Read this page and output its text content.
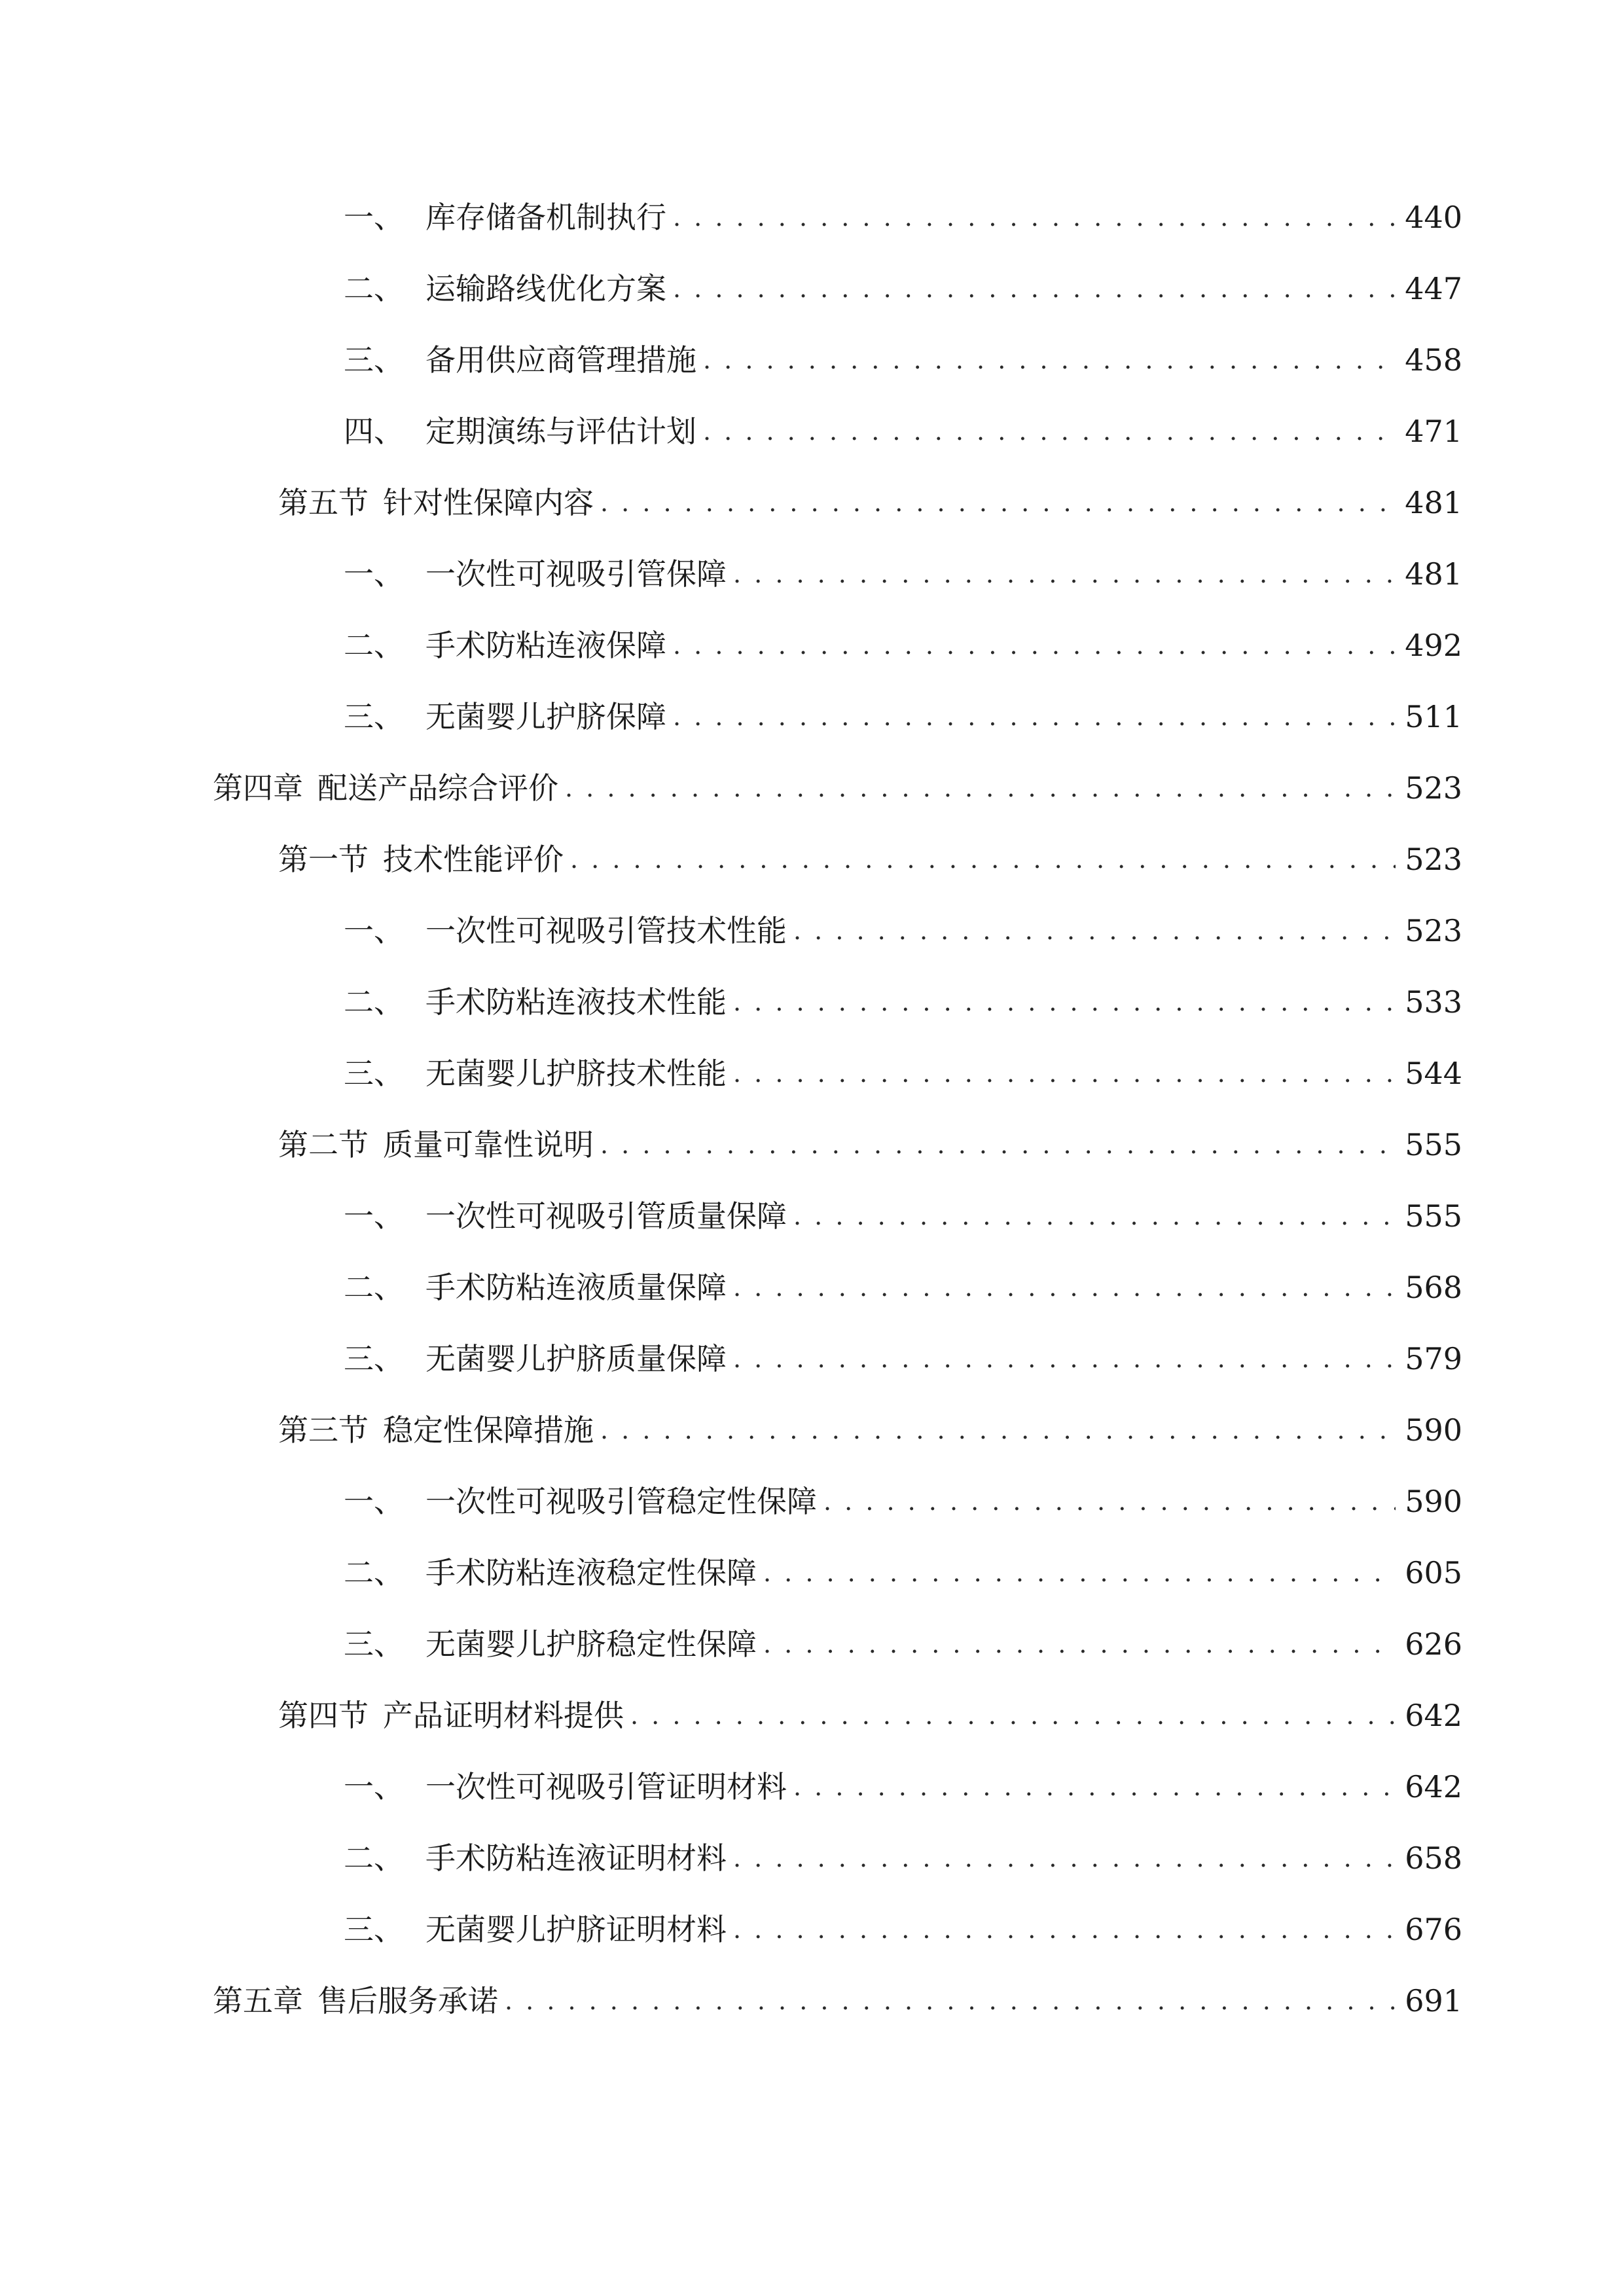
一、 库存储备机制执行 . . .	440
二、 运输路线优化方案 . . .	447
三、 备用供应商管理措施 . . .	458
四、 定期演练与评估计划 . . .	471
第五节 针对性保障内容 . . .	481
一、 一次性可视吸引管保障 . . .	481
二、 手术防粘连液保障 . . .	492
三、 无菌婴儿护脐保障 . . .	511
第四章 配送产品综合评价 . . .	523
第一节 技术性能评价 . . .	523
一、 一次性可视吸引管技术性能 . . .	523
二、 手术防粘连液技术性能 . . .	533
三、 无菌婴儿护脐技术性能 . . .	544
第二节 质量可靠性说明 . . .	555
一、 一次性可视吸引管质量保障 . . .	555
二、 手术防粘连液质量保障 . . .	568
三、 无菌婴儿护脐质量保障 . . .	579
第三节 稳定性保障措施 . . .	590
一、 一次性可视吸引管稳定性保障 . . .	590
二、 手术防粘连液稳定性保障 . . .	605
三、 无菌婴儿护脐稳定性保障 . . .	626
第四节 产品证明材料提供 . . .	642
一、 一次性可视吸引管证明材料 . . .	642
二、 手术防粘连液证明材料 . . .	658
三、 无菌婴儿护脐证明材料 . . .	676
第五章 售后服务承诺 . . .	691
